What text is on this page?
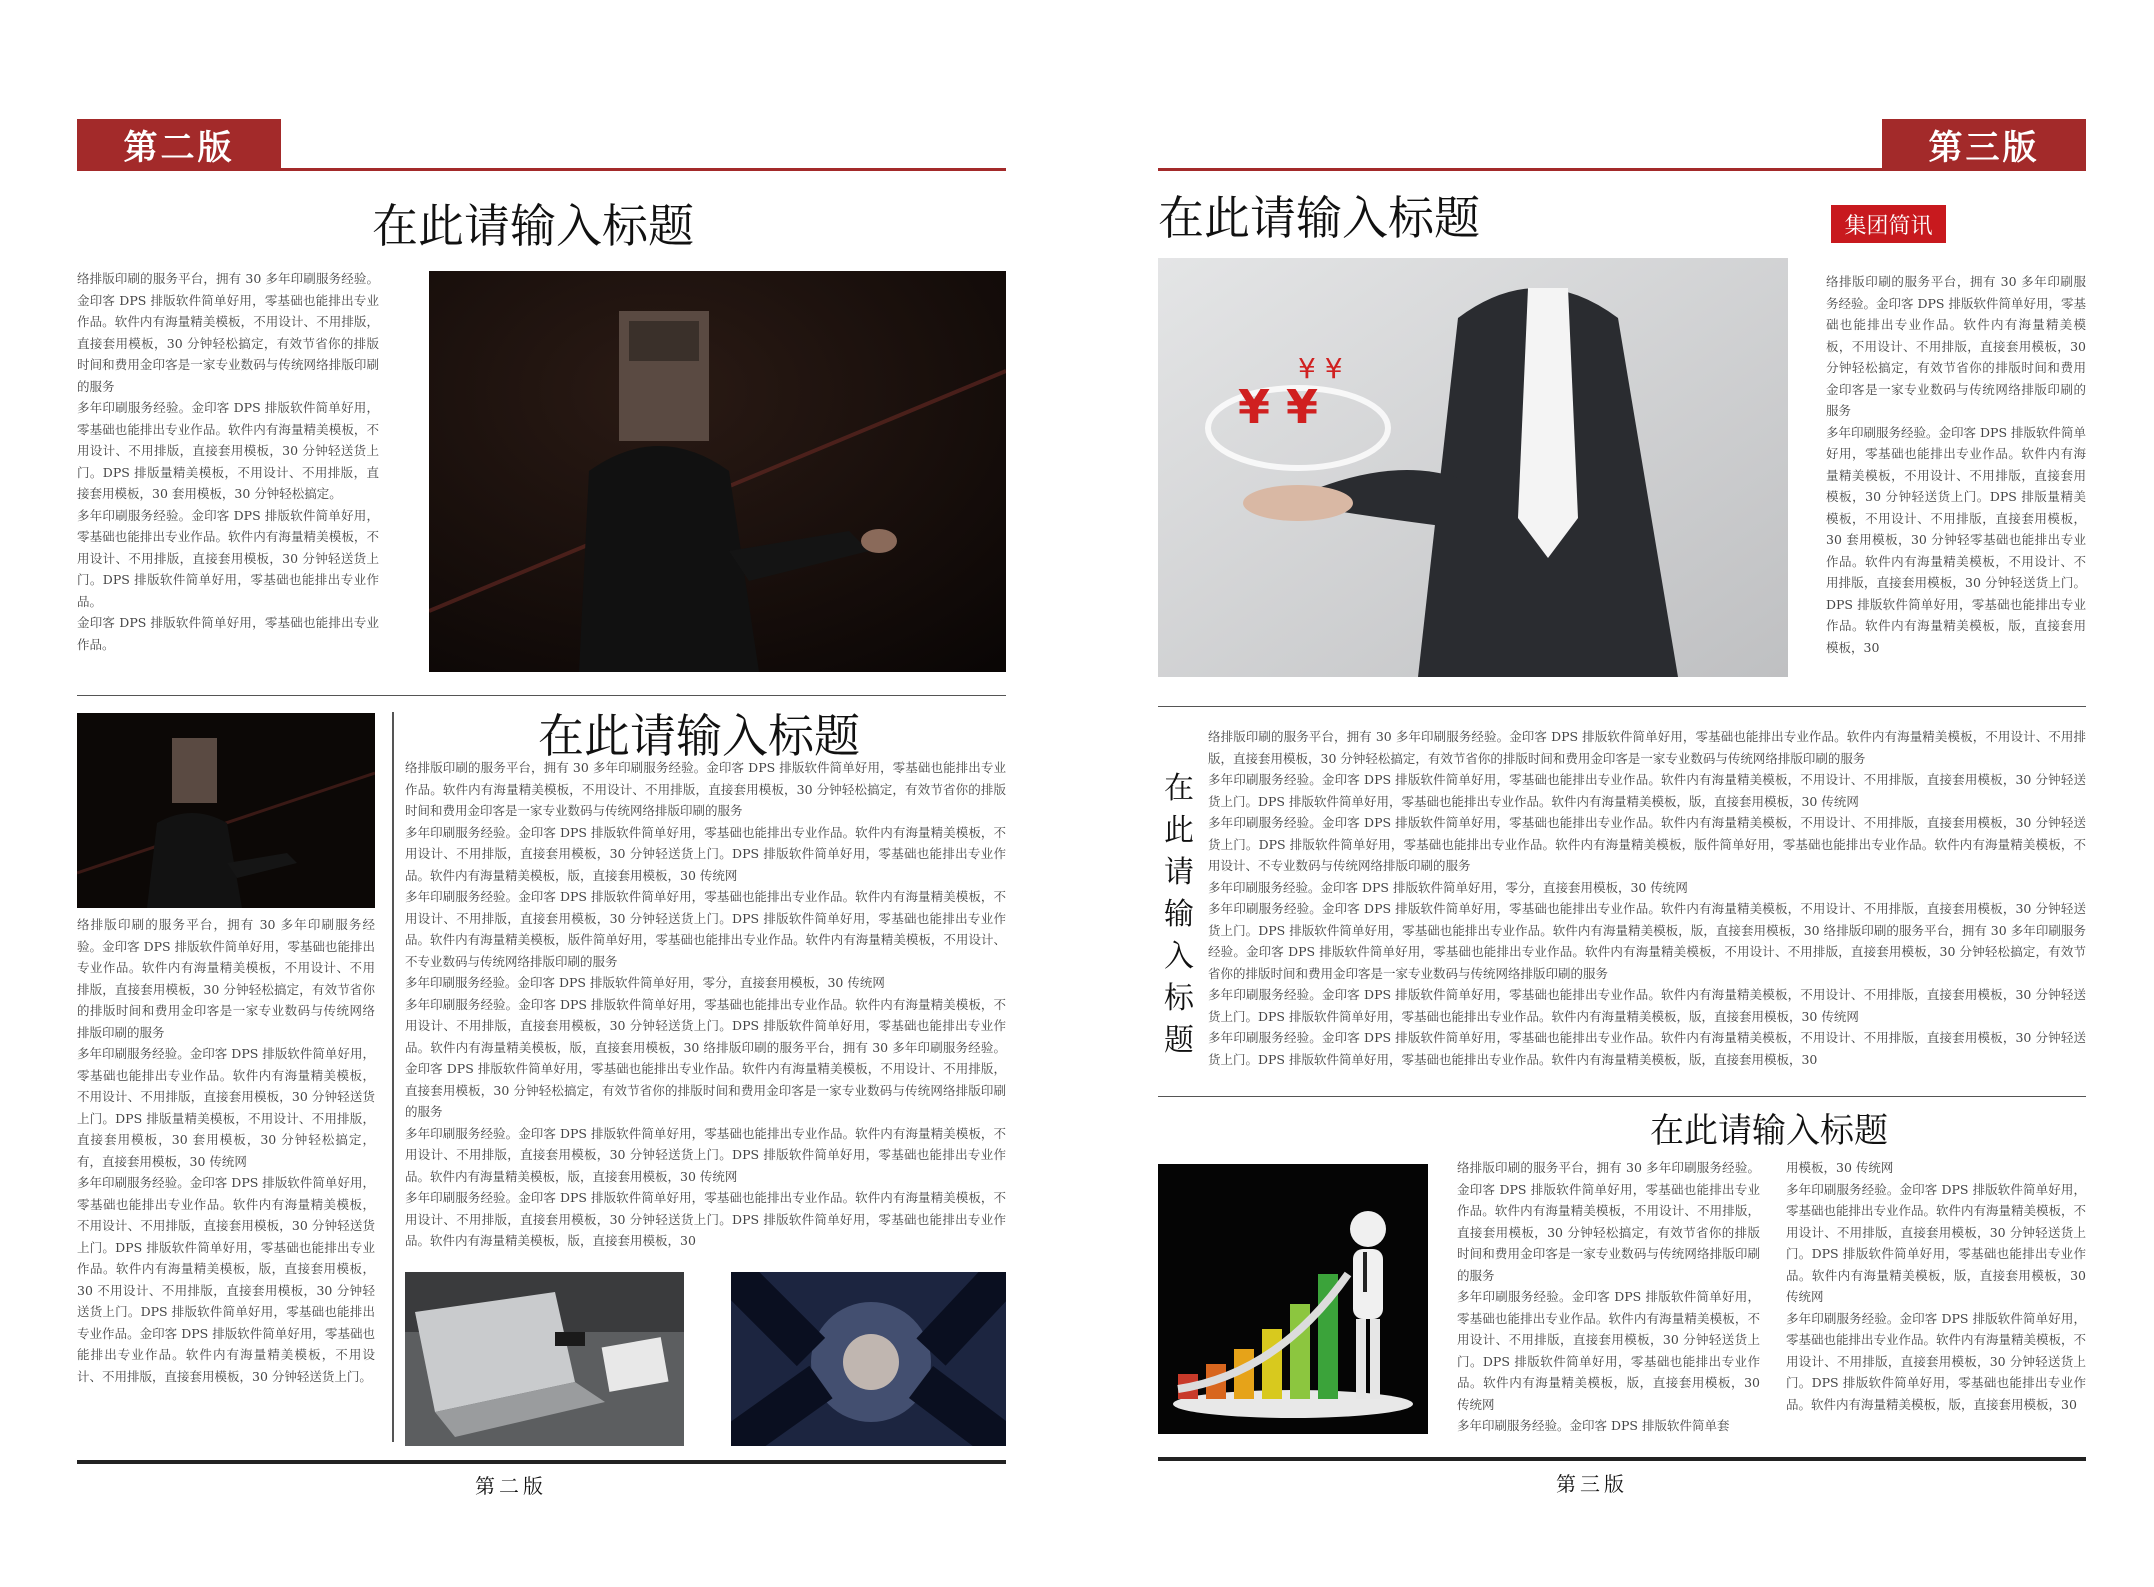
第二版
在此请输入标题
络排版印刷的服务平台，拥有 30 多年印刷服务经验。金印客 DPS 排版软件简单好用，零基础也能排出专业作品。软件内有海量精美模板，不用设计、不用排版，直接套用模板，30 分钟轻松搞定，有效节省你的排版时间和费用金印客是一家专业数码与传统网络排版印刷的服务
多年印刷服务经验。金印客 DPS 排版软件简单好用，零基础也能排出专业作品。软件内有海量精美模板，不用设计、不用排版，直接套用模板，30 分钟轻送货上门。DPS 排版量精美模板，不用设计、不用排版，直接套用模板，30 套用模板，30 分钟轻松搞定。
多年印刷服务经验。金印客 DPS 排版软件简单好用，零基础也能排出专业作品。软件内有海量精美模板，不用设计、不用排版，直接套用模板，30 分钟轻送货上门。DPS 排版软件简单好用，零基础也能排出专业作品。
金印客 DPS 排版软件简单好用，零基础也能排出专业作品。
在此请输入标题
络排版印刷的服务平台，拥有 30 多年印刷服务经验。金印客 DPS 排版软件简单好用，零基础也能排出专业作品。软件内有海量精美模板，不用设计、不用排版，直接套用模板，30 分钟轻松搞定，有效节省你的排版时间和费用金印客是一家专业数码与传统网络排版印刷的服务
多年印刷服务经验。金印客 DPS 排版软件简单好用，零基础也能排出专业作品。软件内有海量精美模板，不用设计、不用排版，直接套用模板，30 分钟轻送货上门。DPS 排版量精美模板，不用设计、不用排版，直接套用模板，30 套用模板，30 分钟轻松搞定，有，直接套用模板，30 传统网
多年印刷服务经验。金印客 DPS 排版软件简单好用，零基础也能排出专业作品。软件内有海量精美模板，不用设计、不用排版，直接套用模板，30 分钟轻送货上门。DPS 排版软件简单好用，零基础也能排出专业作品。软件内有海量精美模板，版，直接套用模板，30 不用设计、不用排版，直接套用模板，30 分钟轻送货上门。DPS 排版软件简单好用，零基础也能排出专业作品。金印客 DPS 排版软件简单好用，零基础也能排出专业作品。软件内有海量精美模板，不用设计、不用排版，直接套用模板，30 分钟轻送货上门。
络排版印刷的服务平台，拥有 30 多年印刷服务经验。金印客 DPS 排版软件简单好用，零基础也能排出专业作品。软件内有海量精美模板，不用设计、不用排版，直接套用模板，30 分钟轻松搞定，有效节省你的排版时间和费用金印客是一家专业数码与传统网络排版印刷的服务
多年印刷服务经验。金印客 DPS 排版软件简单好用，零基础也能排出专业作品。软件内有海量精美模板，不用设计、不用排版，直接套用模板，30 分钟轻送货上门。DPS 排版软件简单好用，零基础也能排出专业作品。软件内有海量精美模板，版，直接套用模板，30 传统网
多年印刷服务经验。金印客 DPS 排版软件简单好用，零基础也能排出专业作品。软件内有海量精美模板，不用设计、不用排版，直接套用模板，30 分钟轻送货上门。DPS 排版软件简单好用，零基础也能排出专业作品。软件内有海量精美模板，版件简单好用，零基础也能排出专业作品。软件内有海量精美模板，不用设计、不专业数码与传统网络排版印刷的服务
多年印刷服务经验。金印客 DPS 排版软件简单好用，零分，直接套用模板，30 传统网
多年印刷服务经验。金印客 DPS 排版软件简单好用，零基础也能排出专业作品。软件内有海量精美模板，不用设计、不用排版，直接套用模板，30 分钟轻送货上门。DPS 排版软件简单好用，零基础也能排出专业作品。软件内有海量精美模板，版，直接套用模板，30 络排版印刷的服务平台，拥有 30 多年印刷服务经验。金印客 DPS 排版软件简单好用，零基础也能排出专业作品。软件内有海量精美模板，不用设计、不用排版，直接套用模板，30 分钟轻松搞定，有效节省你的排版时间和费用金印客是一家专业数码与传统网络排版印刷的服务
多年印刷服务经验。金印客 DPS 排版软件简单好用，零基础也能排出专业作品。软件内有海量精美模板，不用设计、不用排版，直接套用模板，30 分钟轻送货上门。DPS 排版软件简单好用，零基础也能排出专业作品。软件内有海量精美模板，版，直接套用模板，30 传统网
多年印刷服务经验。金印客 DPS 排版软件简单好用，零基础也能排出专业作品。软件内有海量精美模板，不用设计、不用排版，直接套用模板，30 分钟轻送货上门。DPS 排版软件简单好用，零基础也能排出专业作品。软件内有海量精美模板，版，直接套用模板，30
第二版
第三版
在此请输入标题	集团简讯
¥ ¥
¥ ¥
络排版印刷的服务平台，拥有 30 多年印刷服务经验。金印客 DPS 排版软件简单好用，零基础也能排出专业作品。软件内有海量精美模板，不用设计、不用排版，直接套用模板，30 分钟轻松搞定，有效节省你的排版时间和费用金印客是一家专业数码与传统网络排版印刷的服务
多年印刷服务经验。金印客 DPS 排版软件简单好用，零基础也能排出专业作品。软件内有海量精美模板，不用设计、不用排版，直接套用模板，30 分钟轻送货上门。DPS 排版量精美模板，不用设计、不用排版，直接套用模板，30 套用模板，30 分钟轻零基础也能排出专业作品。软件内有海量精美模板，不用设计、不用排版，直接套用模板，30 分钟轻送货上门。DPS 排版软件简单好用，零基础也能排出专业作品。软件内有海量精美模板，版，直接套用模板，30
在
此
请
输
入
标
题
络排版印刷的服务平台，拥有 30 多年印刷服务经验。金印客 DPS 排版软件简单好用，零基础也能排出专业作品。软件内有海量精美模板，不用设计、不用排版，直接套用模板，30 分钟轻松搞定，有效节省你的排版时间和费用金印客是一家专业数码与传统网络排版印刷的服务
多年印刷服务经验。金印客 DPS 排版软件简单好用，零基础也能排出专业作品。软件内有海量精美模板，不用设计、不用排版，直接套用模板，30 分钟轻送货上门。DPS 排版软件简单好用，零基础也能排出专业作品。软件内有海量精美模板，版，直接套用模板，30 传统网
多年印刷服务经验。金印客 DPS 排版软件简单好用，零基础也能排出专业作品。软件内有海量精美模板，不用设计、不用排版，直接套用模板，30 分钟轻送货上门。DPS 排版软件简单好用，零基础也能排出专业作品。软件内有海量精美模板，版件简单好用，零基础也能排出专业作品。软件内有海量精美模板，不用设计、不专业数码与传统网络排版印刷的服务
多年印刷服务经验。金印客 DPS 排版软件简单好用，零分，直接套用模板，30 传统网
多年印刷服务经验。金印客 DPS 排版软件简单好用，零基础也能排出专业作品。软件内有海量精美模板，不用设计、不用排版，直接套用模板，30 分钟轻送货上门。DPS 排版软件简单好用，零基础也能排出专业作品。软件内有海量精美模板，版，直接套用模板，30 络排版印刷的服务平台，拥有 30 多年印刷服务经验。金印客 DPS 排版软件简单好用，零基础也能排出专业作品。软件内有海量精美模板，不用设计、不用排版，直接套用模板，30 分钟轻松搞定，有效节省你的排版时间和费用金印客是一家专业数码与传统网络排版印刷的服务
多年印刷服务经验。金印客 DPS 排版软件简单好用，零基础也能排出专业作品。软件内有海量精美模板，不用设计、不用排版，直接套用模板，30 分钟轻送货上门。DPS 排版软件简单好用，零基础也能排出专业作品。软件内有海量精美模板，版，直接套用模板，30 传统网
多年印刷服务经验。金印客 DPS 排版软件简单好用，零基础也能排出专业作品。软件内有海量精美模板，不用设计、不用排版，直接套用模板，30 分钟轻送货上门。DPS 排版软件简单好用，零基础也能排出专业作品。软件内有海量精美模板，版，直接套用模板，30
在此请输入标题
络排版印刷的服务平台，拥有 30 多年印刷服务经验。金印客 DPS 排版软件简单好用，零基础也能排出专业作品。软件内有海量精美模板，不用设计、不用排版，直接套用模板，30 分钟轻松搞定，有效节省你的排版时间和费用金印客是一家专业数码与传统网络排版印刷的服务
多年印刷服务经验。金印客 DPS 排版软件简单好用，零基础也能排出专业作品。软件内有海量精美模板，不用设计、不用排版，直接套用模板，30 分钟轻送货上门。DPS 排版软件简单好用，零基础也能排出专业作品。软件内有海量精美模板，版，直接套用模板，30 传统网
多年印刷服务经验。金印客 DPS 排版软件简单套
用模板，30 传统网
多年印刷服务经验。金印客 DPS 排版软件简单好用，零基础也能排出专业作品。软件内有海量精美模板，不用设计、不用排版，直接套用模板，30 分钟轻送货上门。DPS 排版软件简单好用，零基础也能排出专业作品。软件内有海量精美模板，版，直接套用模板，30 传统网
多年印刷服务经验。金印客 DPS 排版软件简单好用，零基础也能排出专业作品。软件内有海量精美模板，不用设计、不用排版，直接套用模板，30 分钟轻送货上门。DPS 排版软件简单好用，零基础也能排出专业作品。软件内有海量精美模板，版，直接套用模板，30
第三版
